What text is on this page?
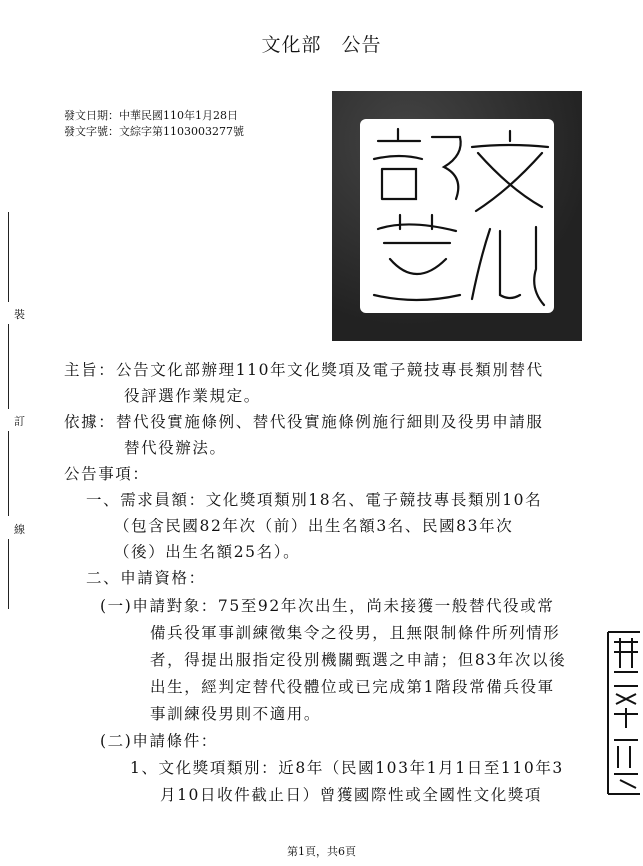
文化部　公告
發文日期：中華民國110年1月28日
發文字號：文綜字第1103003277號
裝
訂
線
主旨： 公告文化部辦理110年文化獎項及電子競技專長類別替代
役評選作業規定。
依據： 替代役實施條例、替代役實施條例施行細則及役男申請服
替代役辦法。
公告事項：
一、需求員額：文化獎項類別18名、電子競技專長類別10名
（包含民國82年次（前）出生名額3名、民國83年次
（後）出生名額25名）。
二、申請資格：
(一)申請對象：75至92年次出生，尚未接獲一般替代役或常
備兵役軍事訓練徵集令之役男，且無限制條件所列情形
者，得提出服指定役別機關甄選之申請；但83年次以後
出生，經判定替代役體位或已完成第1階段常備兵役軍
事訓練役男則不適用。
(二)申請條件：
1、文化獎項類別：近8年（民國103年1月1日至110年3
月10日收件截止日）曾獲國際性或全國性文化獎項
第1頁，共6頁
